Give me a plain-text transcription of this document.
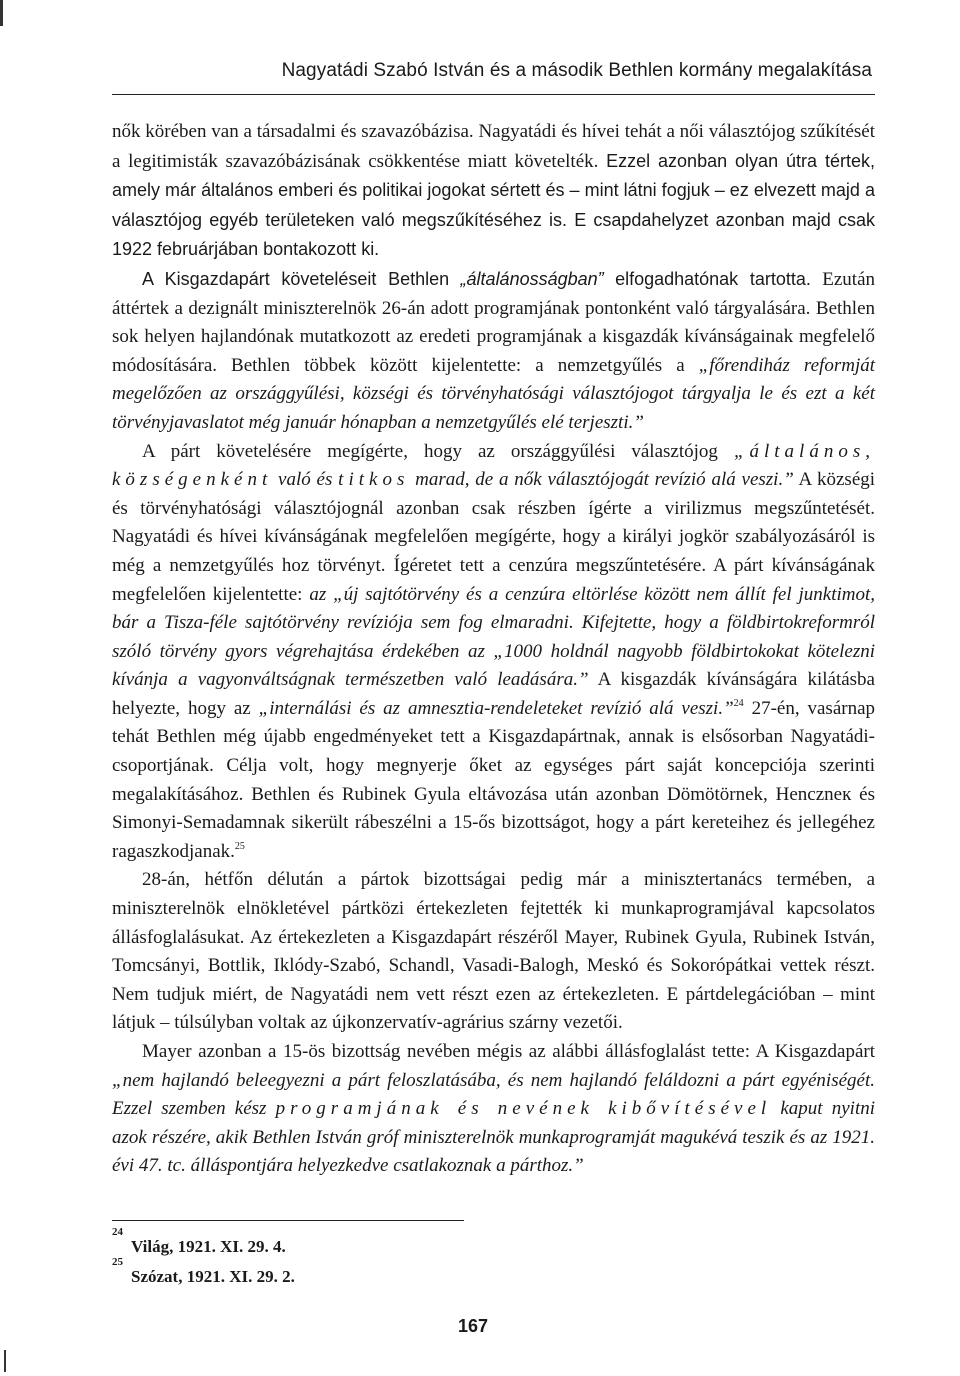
Nagyatádi Szabó István és a második Bethlen kormány megalakítása

nők körében van a társadalmi és szavazóbázisa. Nagyatádi és hívei tehát a női választójog szűkítését a legitimisták szavazóbázisának csökkentése miatt követelték. Ezzel azonban olyan útra tértek, amely már általános emberi és politikai jogokat sértett és – mint látni fogjuk – ez elvezett majd a választójog egyéb területeken való megszűkítéséhez is. E csapdahelyzet azonban majd csak 1922 februárjában bontakozott ki.

A Kisgazdapárt követeléseit Bethlen „általánosságban” elfogadhatónak tartotta. Ezután áttértek a dezignált miniszterelnök 26-án adott programjának pontonként való tárgyalására. Bethlen sok helyen hajlandónak mutatkozott az eredeti programjának a kisgazdák kívánságainak megfelelő módosítására. Bethlen többek között kijelentette: a nemzetgyűlés a „főrendiház reformját megelőzően az országgyűlési, községi és törvényhatósági választójogot tárgyalja le és ezt a két törvényjavaslatot még január hónapban a nemzetgyűlés elé terjeszti.”

A párt követelésére megígérte, hogy az országgyűlési választójog „általános, községenként való és titkos marad, de a nők választójogát revízió alá veszi.” A községi és törvényhatósági választójognál azonban csak részben ígérte a virilizmus megszűntetését. Nagyatádi és hívei kívánságának megfelelően megígérte, hogy a királyi jogkör szabályozásáról is még a nemzetgyűlés hoz törvényt. Ígéretet tett a cenzúra megszűntetésére. A párt kívánságának megfelelően kijelentette: az „új sajtótörvény és a cenzúra eltörlése között nem állít fel junktimot, bár a Tisza-féle sajtótörvény revíziója sem fog elmaradni. Kifejtette, hogy a földbirtokreformról szóló törvény gyors végrehajtása érdekében az „1000 holdnál nagyobb földbirtokokat kötelezni kívánja a vagyonváltságnak természetben való leadására.” A kisgazdák kívánságára kilátásba helyezte, hogy az „internálási és az amnesztia-rendeleteket revízió alá veszi.”$^{24}$ 27-én, vasárnap tehát Bethlen még újabb engedményeket tett a Kisgazdapártnak, annak is elsősorban Nagyatádi-csoportjának. Célja volt, hogy megnyerje őket az egységes párt saját koncepciója szerinti megalakításához. Bethlen és Rubinek Gyula eltávozása után azonban Dömötörnek, Henczneк és Simonyi-Semadamnak sikerült rábeszélni a 15-ős bizottságot, hogy a párt kereteihez és jellegéhez ragaszkodjanak.$^{25}$

28-án, hétfőn délután a pártok bizottságai pedig már a minisztertanács termében, a miniszterelnök elnökletével pártközi értekezleten fejtették ki munkaprogramjával kapcsolatos állásfoglalásukat. Az értekezleten a Kisgazdapárt részéről Mayer, Rubinek Gyula, Rubinek István, Tomcsányi, Bottlik, Iklódy-Szabó, Schandl, Vasadi-Balogh, Meskó és Sokorópátkai vettek részt. Nem tudjuk miért, de Nagyatádi nem vett részt ezen az értekezleten. E pártdelegációban – mint látjuk – túlsúlyban voltak az újkonzervatív-agrárius szárny vezetői.

Mayer azonban a 15-ös bizottság nevében mégis az alábbi állásfoglalást tette: A Kisgazdapárt „nem hajlandó beleegyezni a párt feloszlatásába, és nem hajlandó feláldozni a párt egyéniségét. Ezzel szemben kész programjának és nevének kibővítésével kaput nyitni azok részére, akik Bethlen István gróf miniszterelnök munkaprogramját magukévá teszik és az 1921. évi 47. tc. álláspontjára helyezkedve csatlakoznak a párthoz.”

24
Világ, 1921. XI. 29. 4.
25
Szózat, 1921. XI. 29. 2.
167
